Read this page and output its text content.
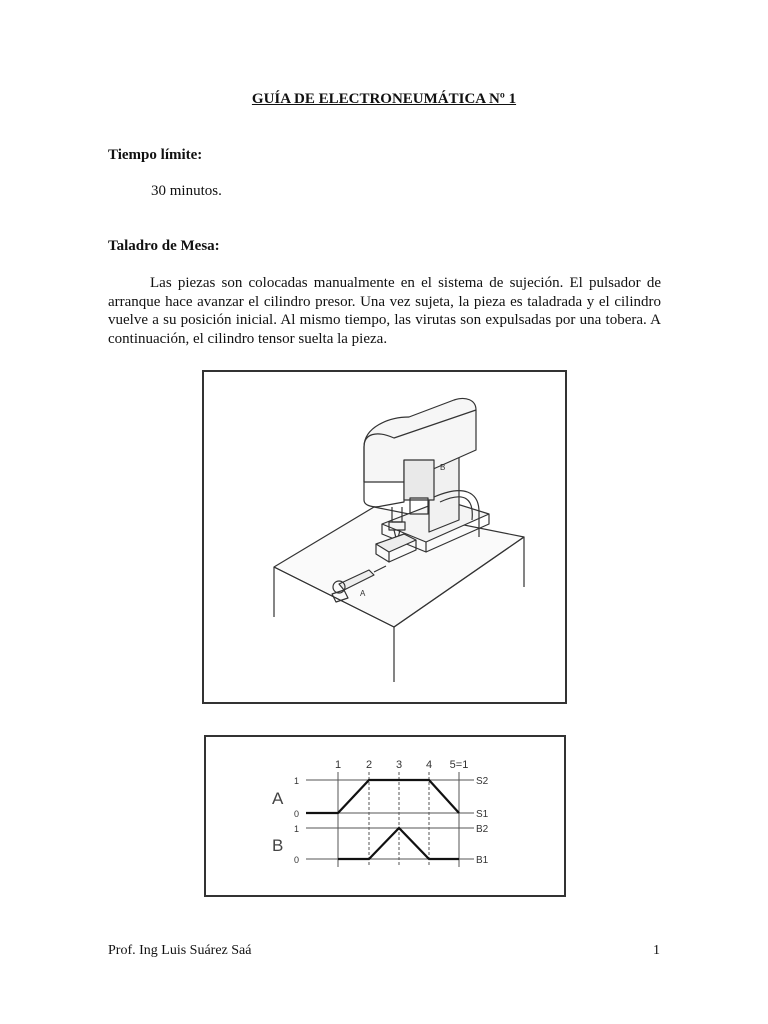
GUÍA DE ELECTRONEUMÁTICA Nº 1
Tiempo límite:
30 minutos.
Taladro de Mesa:
Las piezas son colocadas manualmente en el sistema de sujeción. El pulsador de arranque hace avanzar el cilindro presor. Una vez sujeta, la pieza es taladrada y el cilindro vuelve a su posición inicial. Al mismo tiempo, las virutas son expulsadas por una tobera. A continuación, el cilindro tensor suelta la pieza.
B
A
1 2 3 4 5=1
A
B
1
0
1
0
S2
S1
B2
B1
Prof. Ing Luis Suárez Saá	1
